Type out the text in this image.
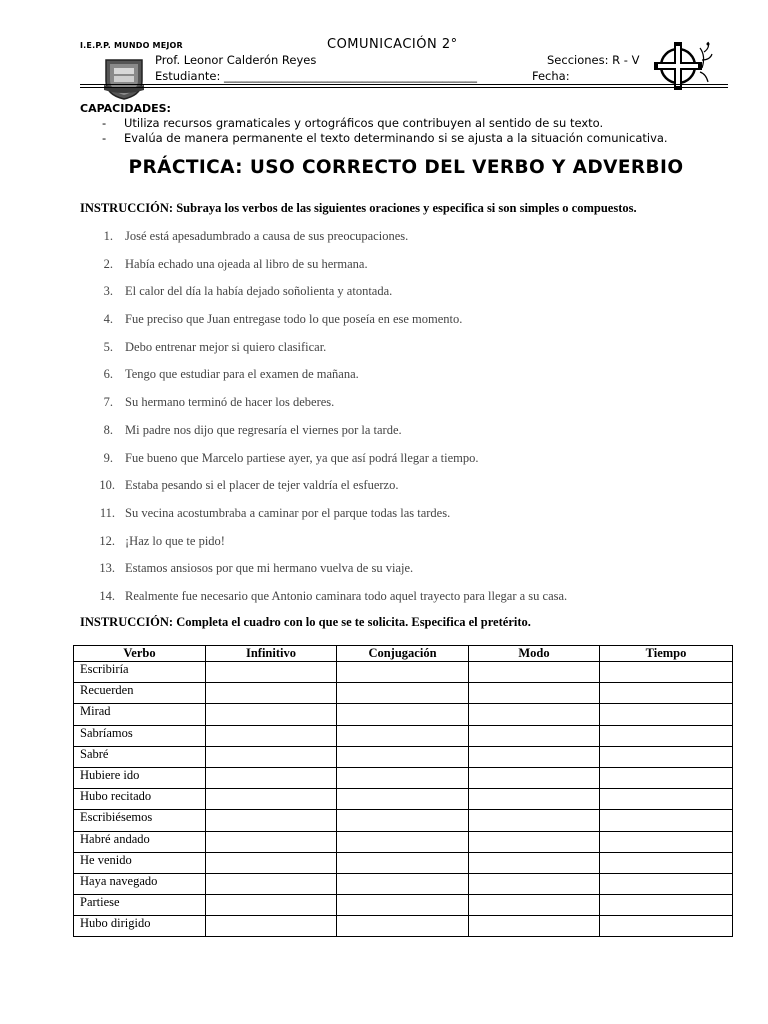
I.E.P.P. MUNDO MEJOR	COMUNICACIÓN 2°
Prof. Leonor Calderón Reyes	Secciones: R - V
Estudiante: ____________________________________________	Fecha:
CAPACIDADES:
- Utiliza recursos gramaticales y ortográficos que contribuyen al sentido de su texto.
- Evalúa de manera permanente el texto determinando si se ajusta a la situación comunicativa.
PRÁCTICA: USO CORRECTO DEL VERBO Y ADVERBIO
INSTRUCCIÓN: Subraya los verbos de las siguientes oraciones y especifica si son simples o compuestos.
1. José está apesadumbrado a causa de sus preocupaciones.
2. Había echado una ojeada al libro de su hermana.
3. El calor del día la había dejado soñolienta y atontada.
4. Fue preciso que Juan entregase todo lo que poseía en ese momento.
5. Debo entrenar mejor si quiero clasificar.
6. Tengo que estudiar para el examen de mañana.
7. Su hermano terminó de hacer los deberes.
8. Mi padre nos dijo que regresaría el viernes por la tarde.
9. Fue bueno que Marcelo partiese ayer, ya que así podrá llegar a tiempo.
10. Estaba pesando si el placer de tejer valdría el esfuerzo.
11. Su vecina acostumbraba a caminar por el parque todas las tardes.
12. ¡Haz lo que te pido!
13. Estamos ansiosos por que mi hermano vuelva de su viaje.
14. Realmente fue necesario que Antonio caminara todo aquel trayecto para llegar a su casa.
INSTRUCCIÓN: Completa el cuadro con lo que se te solicita. Especifica el pretérito.
Verbo	Infinitivo	Conjugación	Modo	Tiempo
Escribiría				
Recuerden				
Mirad				
Sabríamos				
Sabré				
Hubiere ido				
Hubo recitado				
Escribiésemos				
Habré andado				
He venido				
Haya navegado				
Partiese				
Hubo dirigido				
